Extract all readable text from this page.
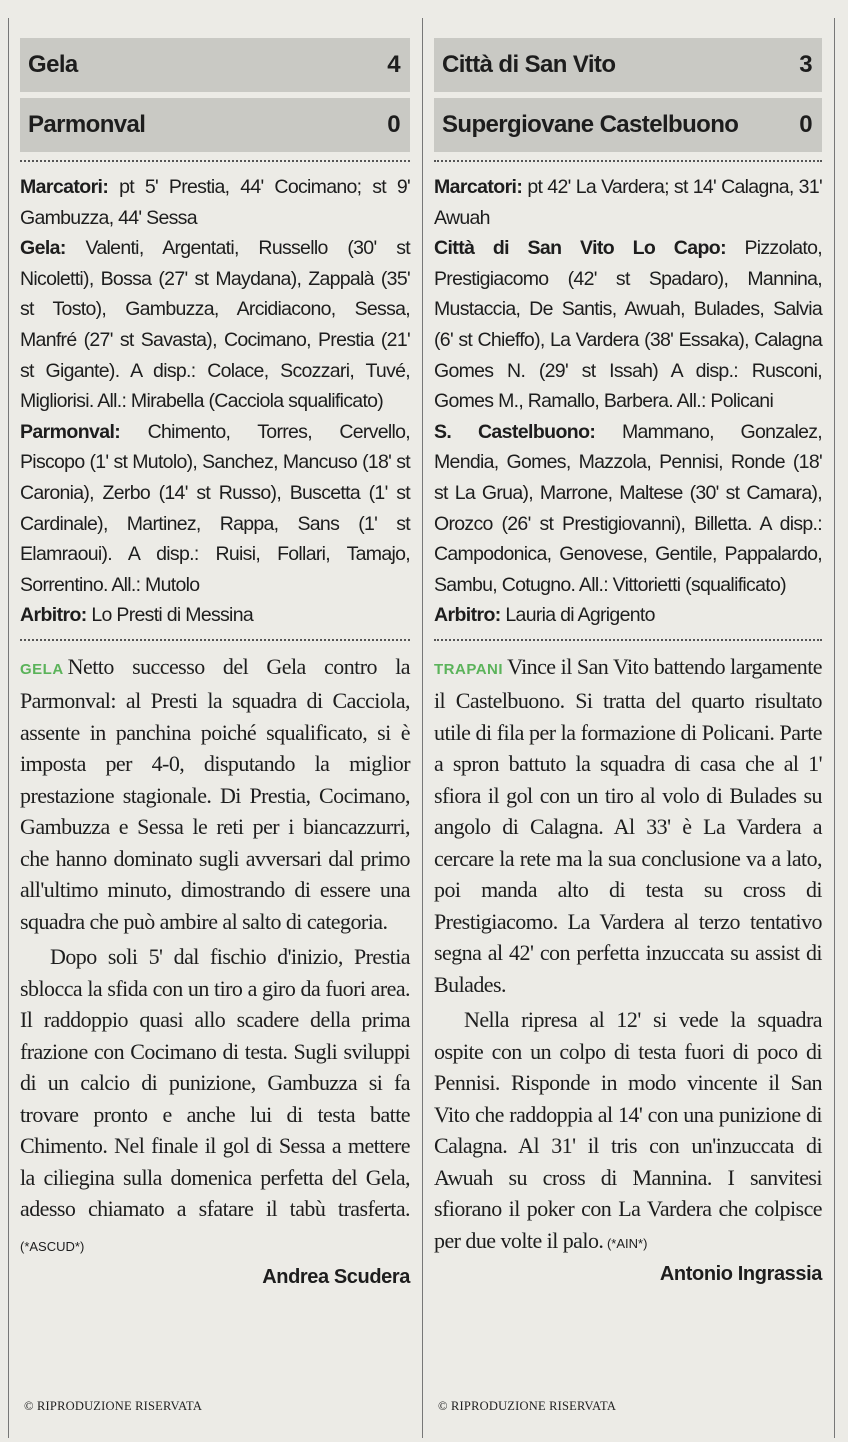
Gela	4
Parmonval	0

Marcatori: pt 5' Prestia, 44' Cocimano; st 9' Gambuzza, 44' Sessa

Gela: Valenti, Argentati, Russello (30' st Nicoletti), Bossa (27' st Maydana), Zappalà (35' st Tosto), Gambuzza, Arcidiacono, Sessa, Manfré (27' st Savasta), Cocimano, Prestia (21' st Gigante). A disp.: Colace, Scozzari, Tuvé, Migliorisi. All.: Mirabella (Cacciola squalificato)

Parmonval: Chimento, Torres, Cervello, Piscopo (1' st Mutolo), Sanchez, Mancuso (18' st Caronia), Zerbo (14' st Russo), Buscetta (1' st Cardinale), Martinez, Rappa, Sans (1' st Elamraoui). A disp.: Ruisi, Follari, Tamajo, Sorrentino. All.: Mutolo

Arbitro: Lo Presti di Messina

GELA Netto successo del Gela contro la Parmonval: al Presti la squadra di Cacciola, assente in panchina poiché squalificato, si è imposta per 4-0, disputando la miglior prestazione stagionale. Di Prestia, Cocimano, Gambuzza e Sessa le reti per i biancazzurri, che hanno dominato sugli avversari dal primo all'ultimo minuto, dimostrando di essere una squadra che può ambire al salto di categoria.

Dopo soli 5' dal fischio d'inizio, Prestia sblocca la sfida con un tiro a giro da fuori area. Il raddoppio quasi allo scadere della prima frazione con Cocimano di testa. Sugli sviluppi di un calcio di punizione, Gambuzza si fa trovare pronto e anche lui di testa batte Chimento. Nel finale il gol di Sessa a mettere la ciliegina sulla domenica perfetta del Gela, adesso chiamato a sfatare il tabù trasferta. (*ASCUD*)

Andrea Scudera
Città di San Vito	3
Supergiovane Castelbuono	0

Marcatori: pt 42' La Vardera; st 14' Calagna, 31' Awuah

Città di San Vito Lo Capo: Pizzolato, Prestigiacomo (42' st Spadaro), Mannina, Mustaccia, De Santis, Awuah, Bulades, Salvia (6' st Chieffo), La Vardera (38' Essaka), Calagna Gomes N. (29' st Issah) A disp.: Rusconi, Gomes M., Ramallo, Barbera. All.: Policani

S. Castelbuono: Mammano, Gonzalez, Mendia, Gomes, Mazzola, Pennisi, Ronde (18' st La Grua), Marrone, Maltese (30' st Camara), Orozco (26' st Prestigiovanni), Billetta. A disp.: Campodonica, Genovese, Gentile, Pappalardo, Sambu, Cotugno. All.: Vittorietti (squalificato)

Arbitro: Lauria di Agrigento

TRAPANI Vince il San Vito battendo largamente il Castelbuono. Si tratta del quarto risultato utile di fila per la formazione di Policani. Parte a spron battuto la squadra di casa che al 1' sfiora il gol con un tiro al volo di Bulades su angolo di Calagna. Al 33' è La Vardera a cercare la rete ma la sua conclusione va a lato, poi manda alto di testa su cross di Prestigiacomo. La Vardera al terzo tentativo segna al 42' con perfetta inzuccata su assist di Bulades.

Nella ripresa al 12' si vede la squadra ospite con un colpo di testa fuori di poco di Pennisi. Risponde in modo vincente il San Vito che raddoppia al 14' con una punizione di Calagna. Al 31' il tris con un'inzuccata di Awuah su cross di Mannina. I sanvitesi sfiorano il poker con La Vardera che colpisce per due volte il palo. (*AIN*)

Antonio Ingrassia
© RIPRODUZIONE RISERVATA	© RIPRODUZIONE RISERVATA
